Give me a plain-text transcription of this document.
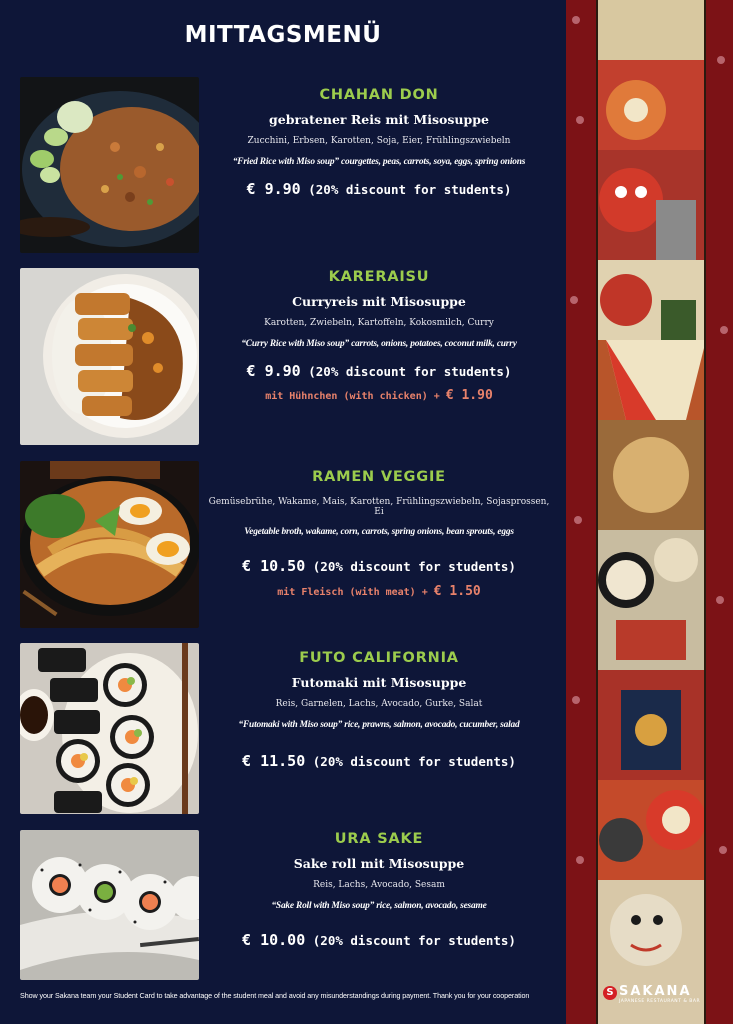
MITTAGSMENÜ
CHAHAN DON
gebratener Reis mit Misosuppe
Zucchini, Erbsen, Karotten, Soja, Eier, Frühlingszwiebeln
“Fried Rice with Miso soup” courgettes, peas, carrots, soya, eggs, spring onions
€ 9.90 (20% discount for students)
KARERAISU
Curryreis mit Misosuppe
Karotten, Zwiebeln, Kartoffeln, Kokosmilch, Curry
“Curry Rice with Miso soup” carrots, onions, potatoes, coconut milk, curry
€ 9.90 (20% discount for students)
mit Hühnchen (with chicken) + € 1.90
RAMEN VEGGIE
Gemüsebrühe, Wakame, Mais, Karotten, Frühlingszwiebeln, Sojasprossen, Ei
Vegetable broth, wakame, corn, carrots, spring onions, bean sprouts, eggs
€ 10.50 (20% discount for students)
mit Fleisch (with meat) + € 1.50
FUTO CALIFORNIA
Futomaki mit Misosuppe
Reis, Garnelen, Lachs, Avocado, Gurke, Salat
“Futomaki with Miso soup” rice, prawns, salmon, avocado, cucumber, salad
€ 11.50 (20% discount for students)
URA SAKE
Sake roll mit Misosuppe
Reis, Lachs, Avocado, Sesam
“Sake Roll with Miso soup” rice, salmon, avocado, sesame
€ 10.00 (20% discount for students)
Show your Sakana team your Student Card to take advantage of the student meal and avoid any misunderstandings during payment. Thank you for your cooperation	S SAKANA
JAPANESE RESTAURANT & BAR
